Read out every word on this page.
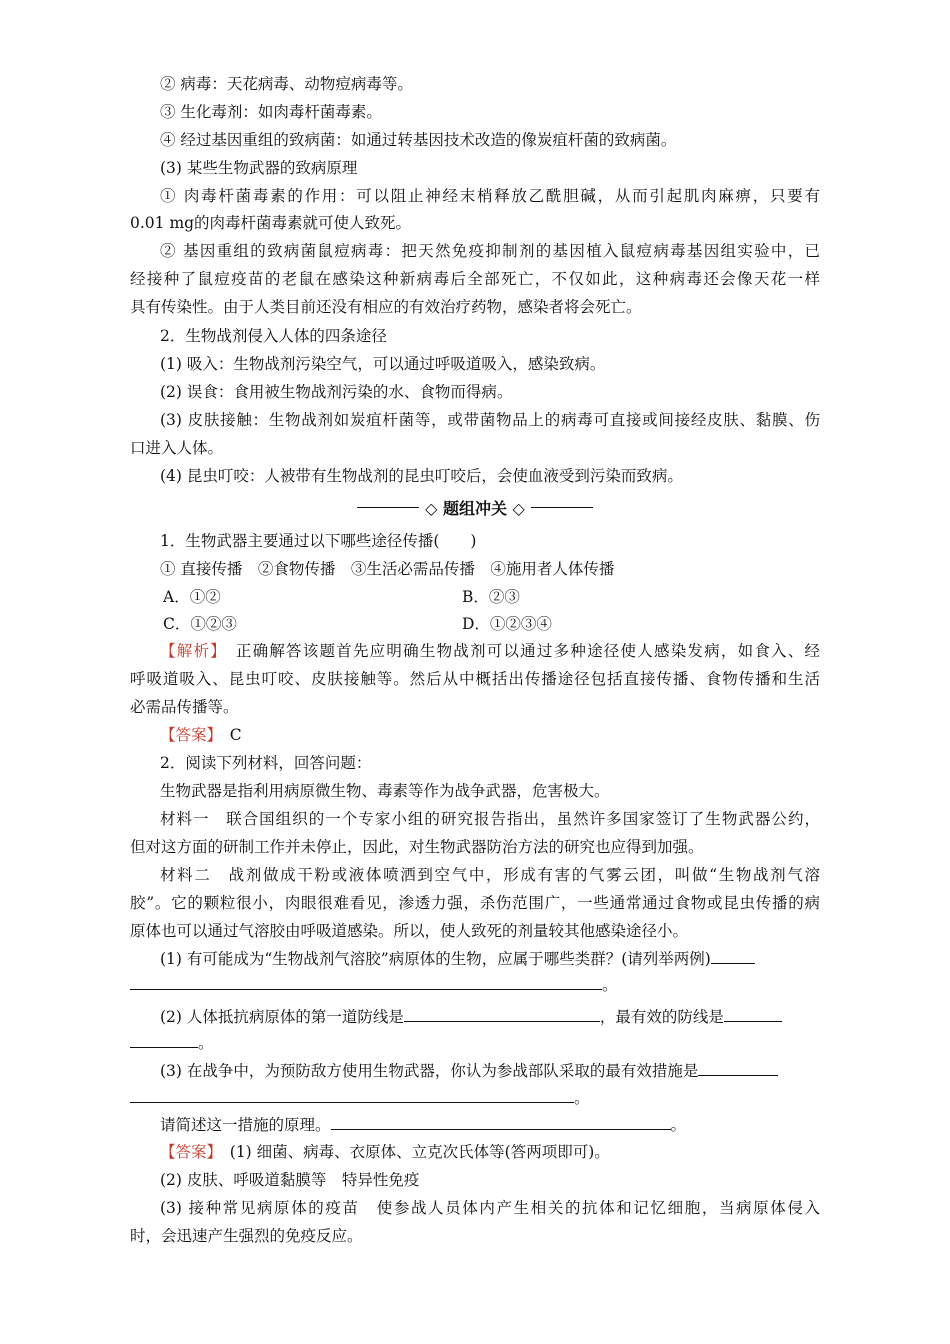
② 病毒：天花病毒、动物痘病毒等。
③ 生化毒剂：如肉毒杆菌毒素。
④ 经过基因重组的致病菌：如通过转基因技术改造的像炭疽杆菌的致病菌。
(3) 某些生物武器的致病原理
① 肉毒杆菌毒素的作用：可以阻止神经末梢释放乙酰胆碱，从而引起肌肉麻痹，只要有
0.01 mg的肉毒杆菌毒素就可使人致死。
② 基因重组的致病菌鼠痘病毒：把天然免疫抑制剂的基因植入鼠痘病毒基因组实验中，已
经接种了鼠痘疫苗的老鼠在感染这种新病毒后全部死亡，不仅如此，这种病毒还会像天花一样
具有传染性。由于人类目前还没有相应的有效治疗药物，感染者将会死亡。
2．生物战剂侵入人体的四条途径
(1) 吸入：生物战剂污染空气，可以通过呼吸道吸入，感染致病。
(2) 误食：食用被生物战剂污染的水、食物而得病。
(3) 皮肤接触：生物战剂如炭疽杆菌等，或带菌物品上的病毒可直接或间接经皮肤、黏膜、伤
口进入人体。
(4) 昆虫叮咬：人被带有生物战剂的昆虫叮咬后，会使血液受到污染而致病。
◇ 题组冲关 ◇
1．生物武器主要通过以下哪些途径传播(　　)
① 直接传播　②食物传播　③生活必需品传播　④施用者人体传播
A．①②	B．②③
C．①②③	D．①②③④
【解析】　正确解答该题首先应明确生物战剂可以通过多种途径使人感染发病，如食入、经
呼吸道吸入、昆虫叮咬、皮肤接触等。然后从中概括出传播途径包括直接传播、食物传播和生活
必需品传播等。
【答案】　C
2．阅读下列材料，回答问题：
生物武器是指利用病原微生物、毒素等作为战争武器，危害极大。
材料一　联合国组织的一个专家小组的研究报告指出，虽然许多国家签订了生物武器公约，
但对这方面的研制工作并未停止，因此，对生物武器防治方法的研究也应得到加强。
材料二　战剂做成干粉或液体喷洒到空气中，形成有害的气雾云团，叫做“生物战剂气溶
胶”。它的颗粒很小，肉眼很难看见，渗透力强，杀伤范围广，一些通常通过食物或昆虫传播的病
原体也可以通过气溶胶由呼吸道感染。所以，使人致死的剂量较其他感染途径小。
(1) 有可能成为“生物战剂气溶胶”病原体的生物，应属于哪些类群？(请列举两例)
。
(2) 人体抵抗病原体的第一道防线是	，最有效的防线是
。
(3) 在战争中，为预防敌方使用生物武器，你认为参战部队采取的最有效措施是
。
请简述这一措施的原理。	。
【答案】　(1) 细菌、病毒、衣原体、立克次氏体等(答两项即可)。
(2) 皮肤、呼吸道黏膜等　特异性免疫
(3) 接种常见病原体的疫苗　使参战人员体内产生相关的抗体和记忆细胞，当病原体侵入
时，会迅速产生强烈的免疫反应。
